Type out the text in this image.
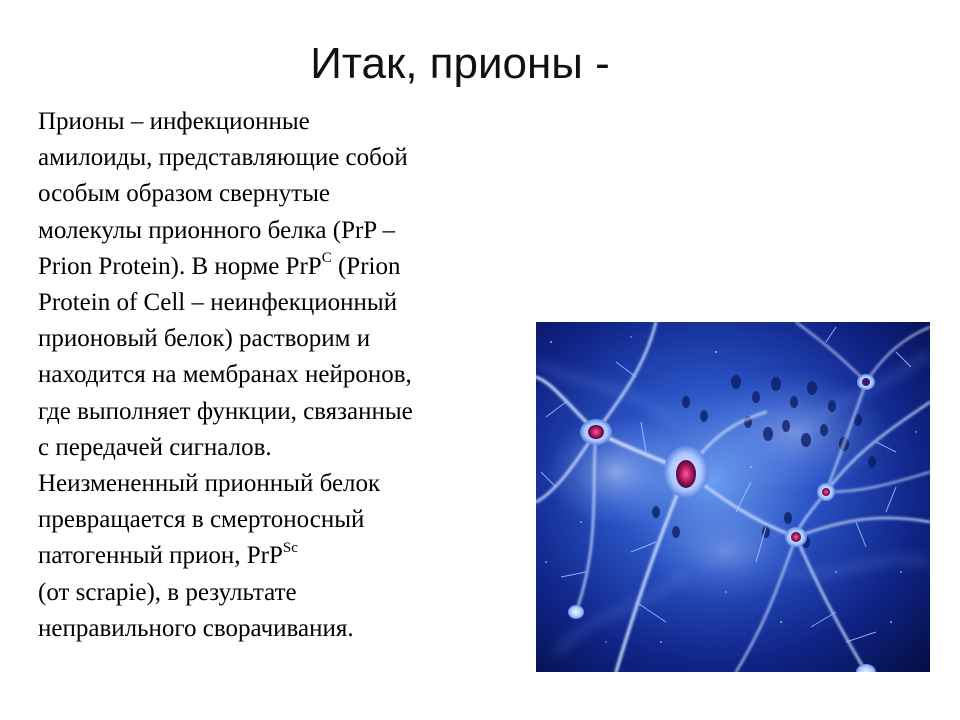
Итак, прионы -
Прионы – инфекционные
амилоиды, представляющие собой
особым образом свернутые
молекулы прионного белка (PrP –
Prion Protein). В норме PrP$^C$ (Prion
Protein of Cell – неинфекционный
прионовый белок) растворим и
находится на мембранах нейронов,
где выполняет функции, связанные
с передачей сигналов.
Неизмененный прионный белок
превращается в смертоносный
патогенный прион, PrP$^{Sc}$
(от scrapie), в результате
неправильного сворачивания.
